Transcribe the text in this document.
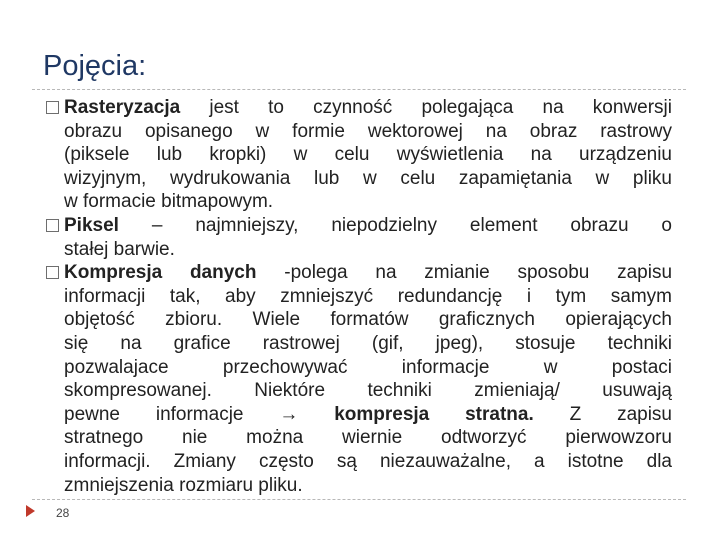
Pojęcia:
Rasteryzacja jest to czynność polegająca na konwersji
obrazu opisanego w formie wektorowej na obraz rastrowy
(piksele lub kropki) w celu wyświetlenia na urządzeniu
wizyjnym, wydrukowania lub w celu zapamiętania w pliku
w formacie bitmapowym.
Piksel – najmniejszy, niepodzielny element obrazu o
stałej barwie.
Kompresja danych -polega na zmianie sposobu zapisu
informacji tak, aby zmniejszyć redundancję i tym samym
objętość zbioru. Wiele formatów graficznych opierających
się na grafice rastrowej (gif, jpeg), stosuje techniki
pozwalajace przechowywać informacje w postaci
skompresowanej. Niektóre techniki zmieniają/ usuwają
pewne informacje → kompresja stratna. Z zapisu
stratnego nie można wiernie odtworzyć pierwowzoru
informacji. Zmiany często są niezauważalne, a istotne dla
zmniejszenia rozmiaru pliku.
28
